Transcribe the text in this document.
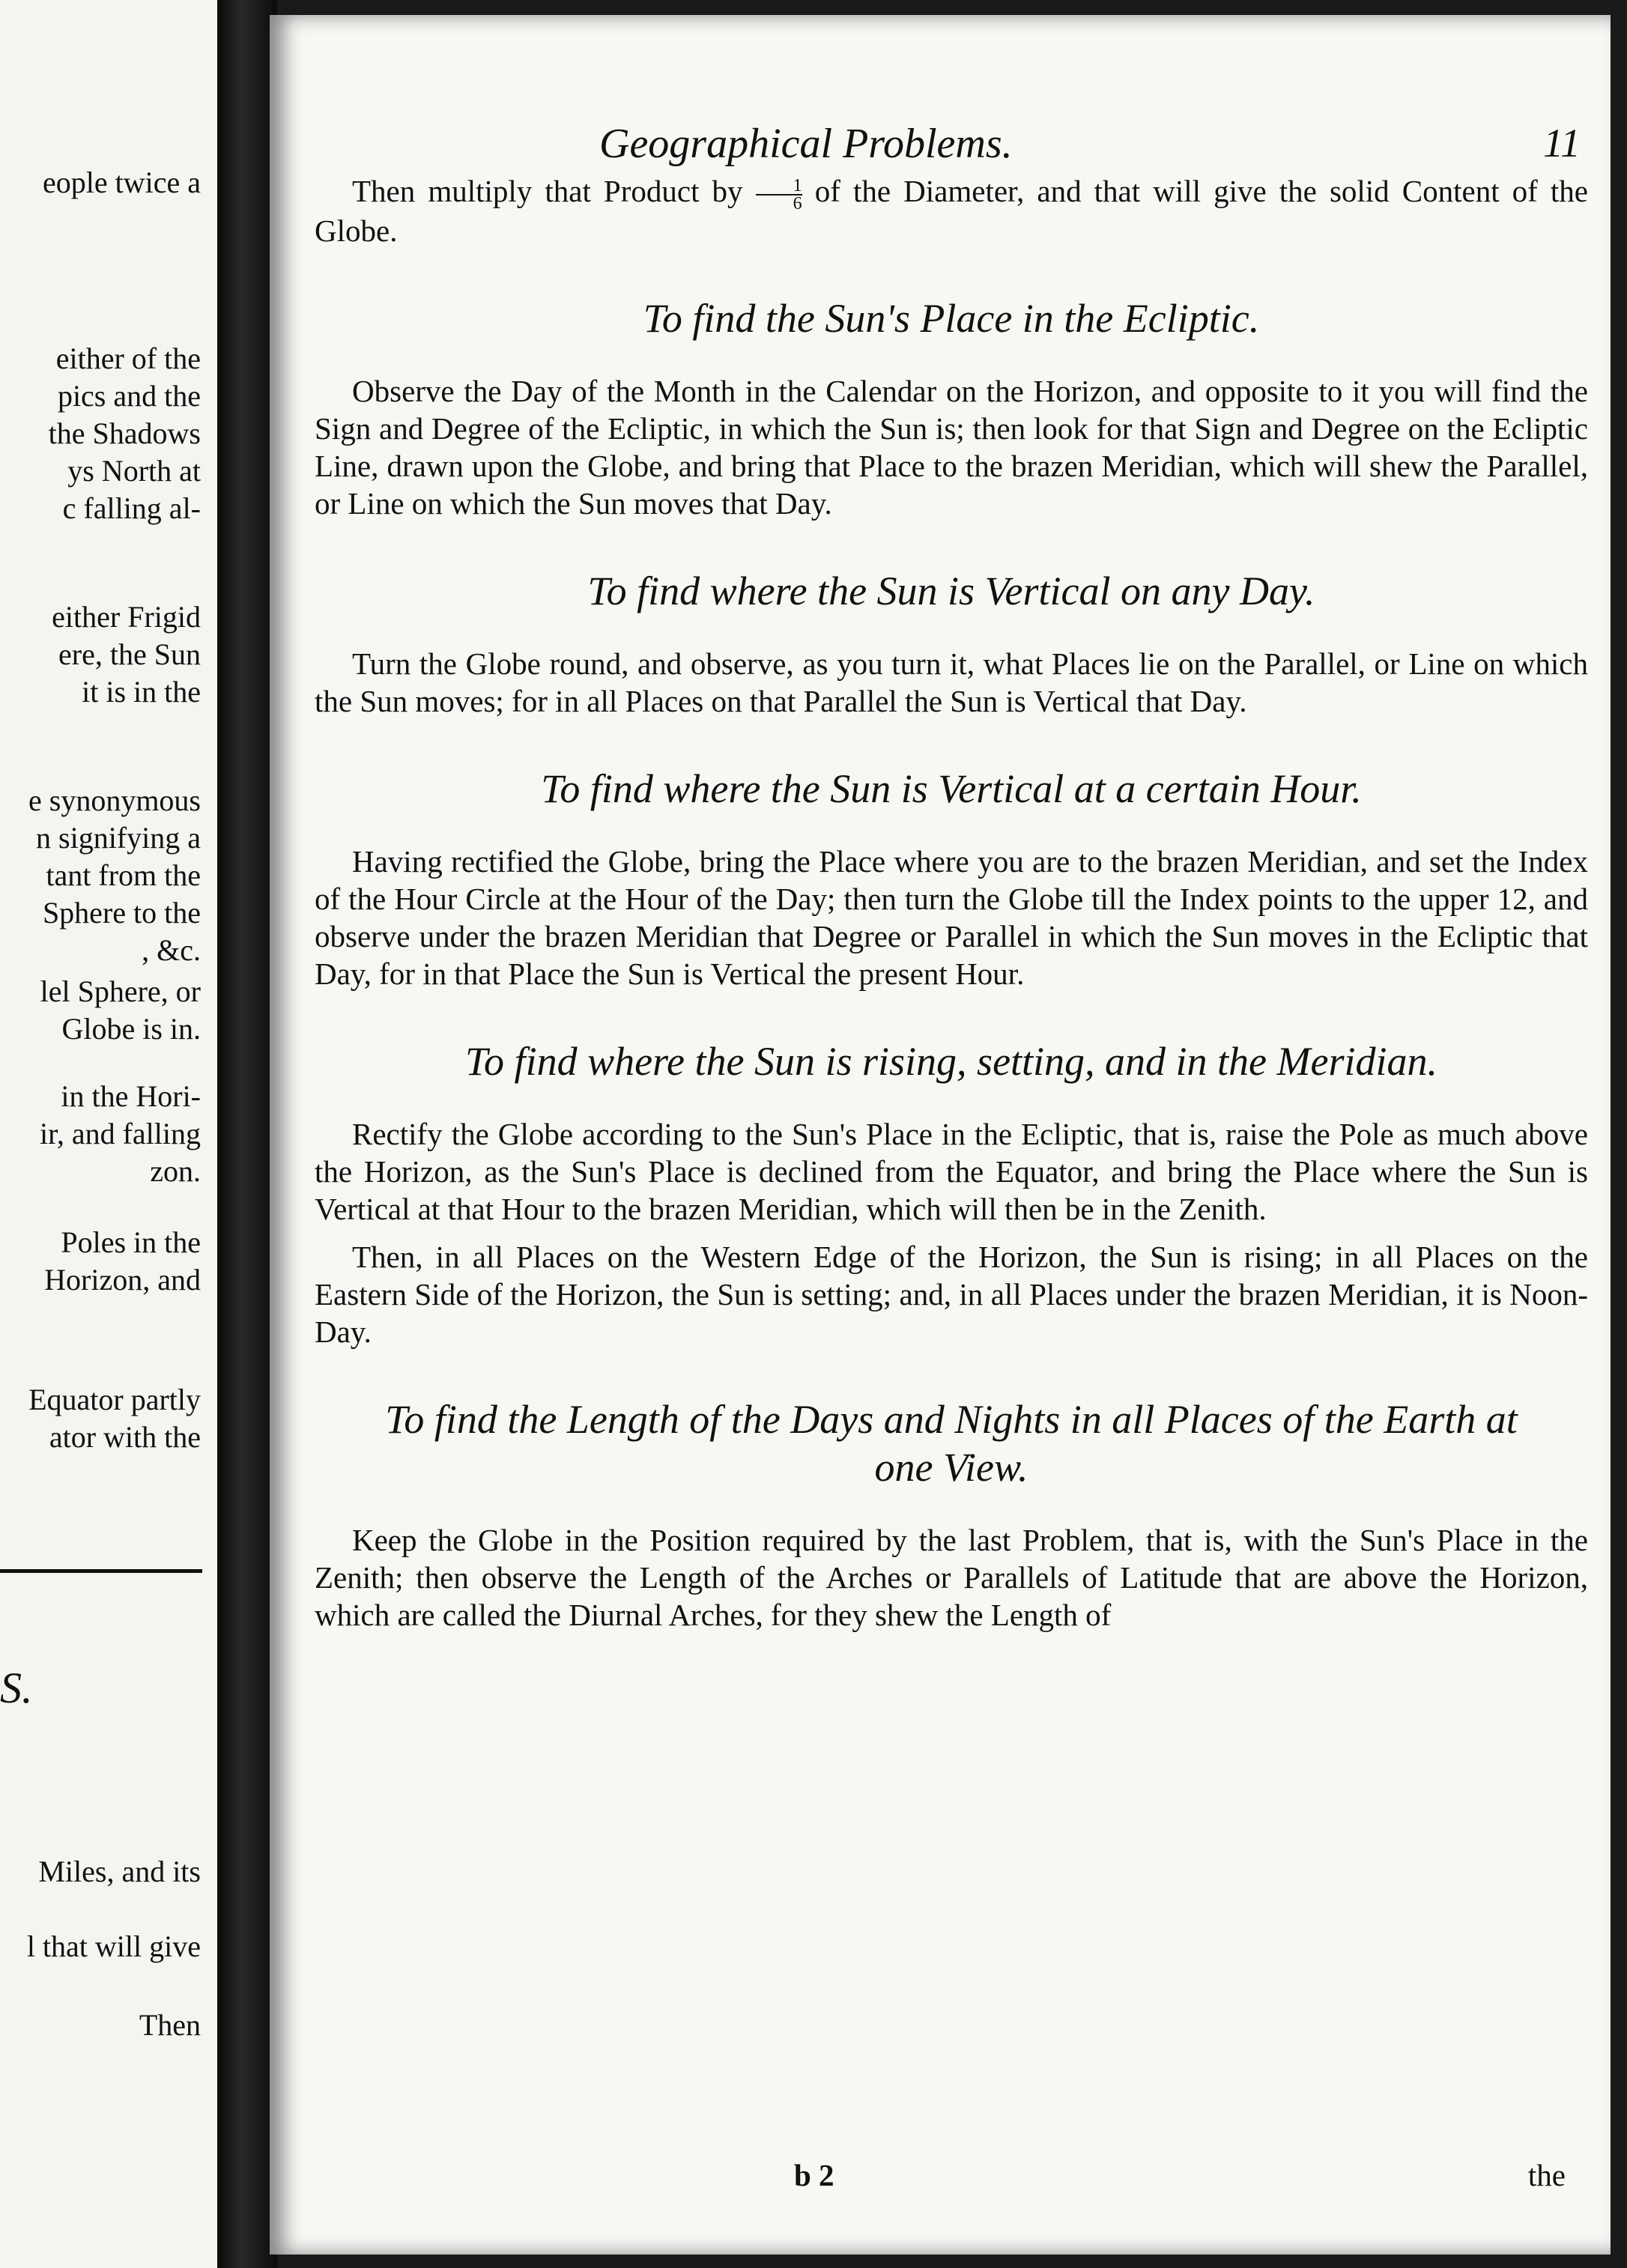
eople twice a
either of the
pics and the
the Shadows
ys North at
c falling al-
either Frigid
ere, the Sun
it is in the
e synonymous
n signifying a
tant from the
Sphere to the
, &c.
lel Sphere, or
Globe is in.
in the Hori-
ir, and falling
zon.
Poles in the
Horizon, and
Equator partly
ator with the
Miles, and its
l that will give
Then
S.
Geographical Problems.	11

Then multiply that Product by $\frac{1}{6}$ of the Diameter, and that will give the solid Content of the Globe.

To find the Sun's Place in the Ecliptic.

Observe the Day of the Month in the Calendar on the Horizon, and opposite to it you will find the Sign and Degree of the Ecliptic, in which the Sun is; then look for that Sign and Degree on the Ecliptic Line, drawn upon the Globe, and bring that Place to the brazen Meridian, which will shew the Parallel, or Line on which the Sun moves that Day.

To find where the Sun is Vertical on any Day.

Turn the Globe round, and observe, as you turn it, what Places lie on the Parallel, or Line on which the Sun moves; for in all Places on that Parallel the Sun is Vertical that Day.

To find where the Sun is Vertical at a certain Hour.

Having rectified the Globe, bring the Place where you are to the brazen Meridian, and set the Index of the Hour Circle at the Hour of the Day; then turn the Globe till the Index points to the upper 12, and observe under the brazen Meridian that Degree or Parallel in which the Sun moves in the Ecliptic that Day, for in that Place the Sun is Vertical the present Hour.

To find where the Sun is rising, setting, and in the Meridian.

Rectify the Globe according to the Sun's Place in the Ecliptic, that is, raise the Pole as much above the Horizon, as the Sun's Place is declined from the Equator, and bring the Place where the Sun is Vertical at that Hour to the brazen Meridian, which will then be in the Zenith.

Then, in all Places on the Western Edge of the Horizon, the Sun is rising; in all Places on the Eastern Side of the Horizon, the Sun is setting; and, in all Places under the brazen Meridian, it is Noon-Day.

To find the Length of the Days and Nights in all Places of the Earth at one View.

Keep the Globe in the Position required by the last Problem, that is, with the Sun's Place in the Zenith; then observe the Length of the Arches or Parallels of Latitude that are above the Horizon, which are called the Diurnal Arches, for they shew the Length of

b 2	the
